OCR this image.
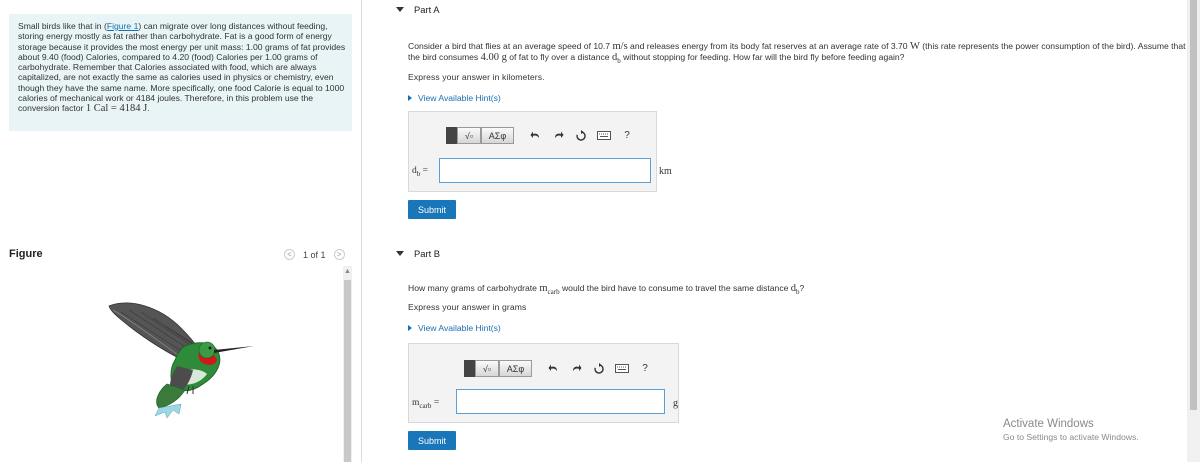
Small birds like that in (Figure 1) can migrate over long distances without feeding, storing energy mostly as fat rather than carbohydrate. Fat is a good form of energy storage because it provides the most energy per unit mass: 1.00 grams of fat provides about 9.40 (food) Calories, compared to 4.20 (food) Calories per 1.00 grams of carbohydrate. Remember that Calories associated with food, which are always capitalized, are not exactly the same as calories used in physics or chemistry, even though they have the same name. More specifically, one food Calorie is equal to 1000 calories of mechanical work or 4184 joules. Therefore, in this problem use the conversion factor 1 Cal = 4184 J.

Figure	<	1 of 1	>
▲
Part A
Consider a bird that flies at an average speed of 10.7 m/s and releases energy from its body fat reserves at an average rate of 3.70 W (this rate represents the power consumption of the bird). Assume that the bird consumes 4.00 g of fat to fly over a distance $d_b$ without stopping for feeding. How far will the bird fly before feeding again?
Express your answer in kilometers.
View Available Hint(s)
√ ▫	ΑΣφ	?
$d_b$ =	km
Submit
Part B
How many grams of carbohydrate $m_{carb}$ would the bird have to consume to travel the same distance $d_b$?
Express your answer in grams
View Available Hint(s)
√ ▫	ΑΣφ	?
$m_{carb}$ =	g
Submit
Activate Windows
Go to Settings to activate Windows.
